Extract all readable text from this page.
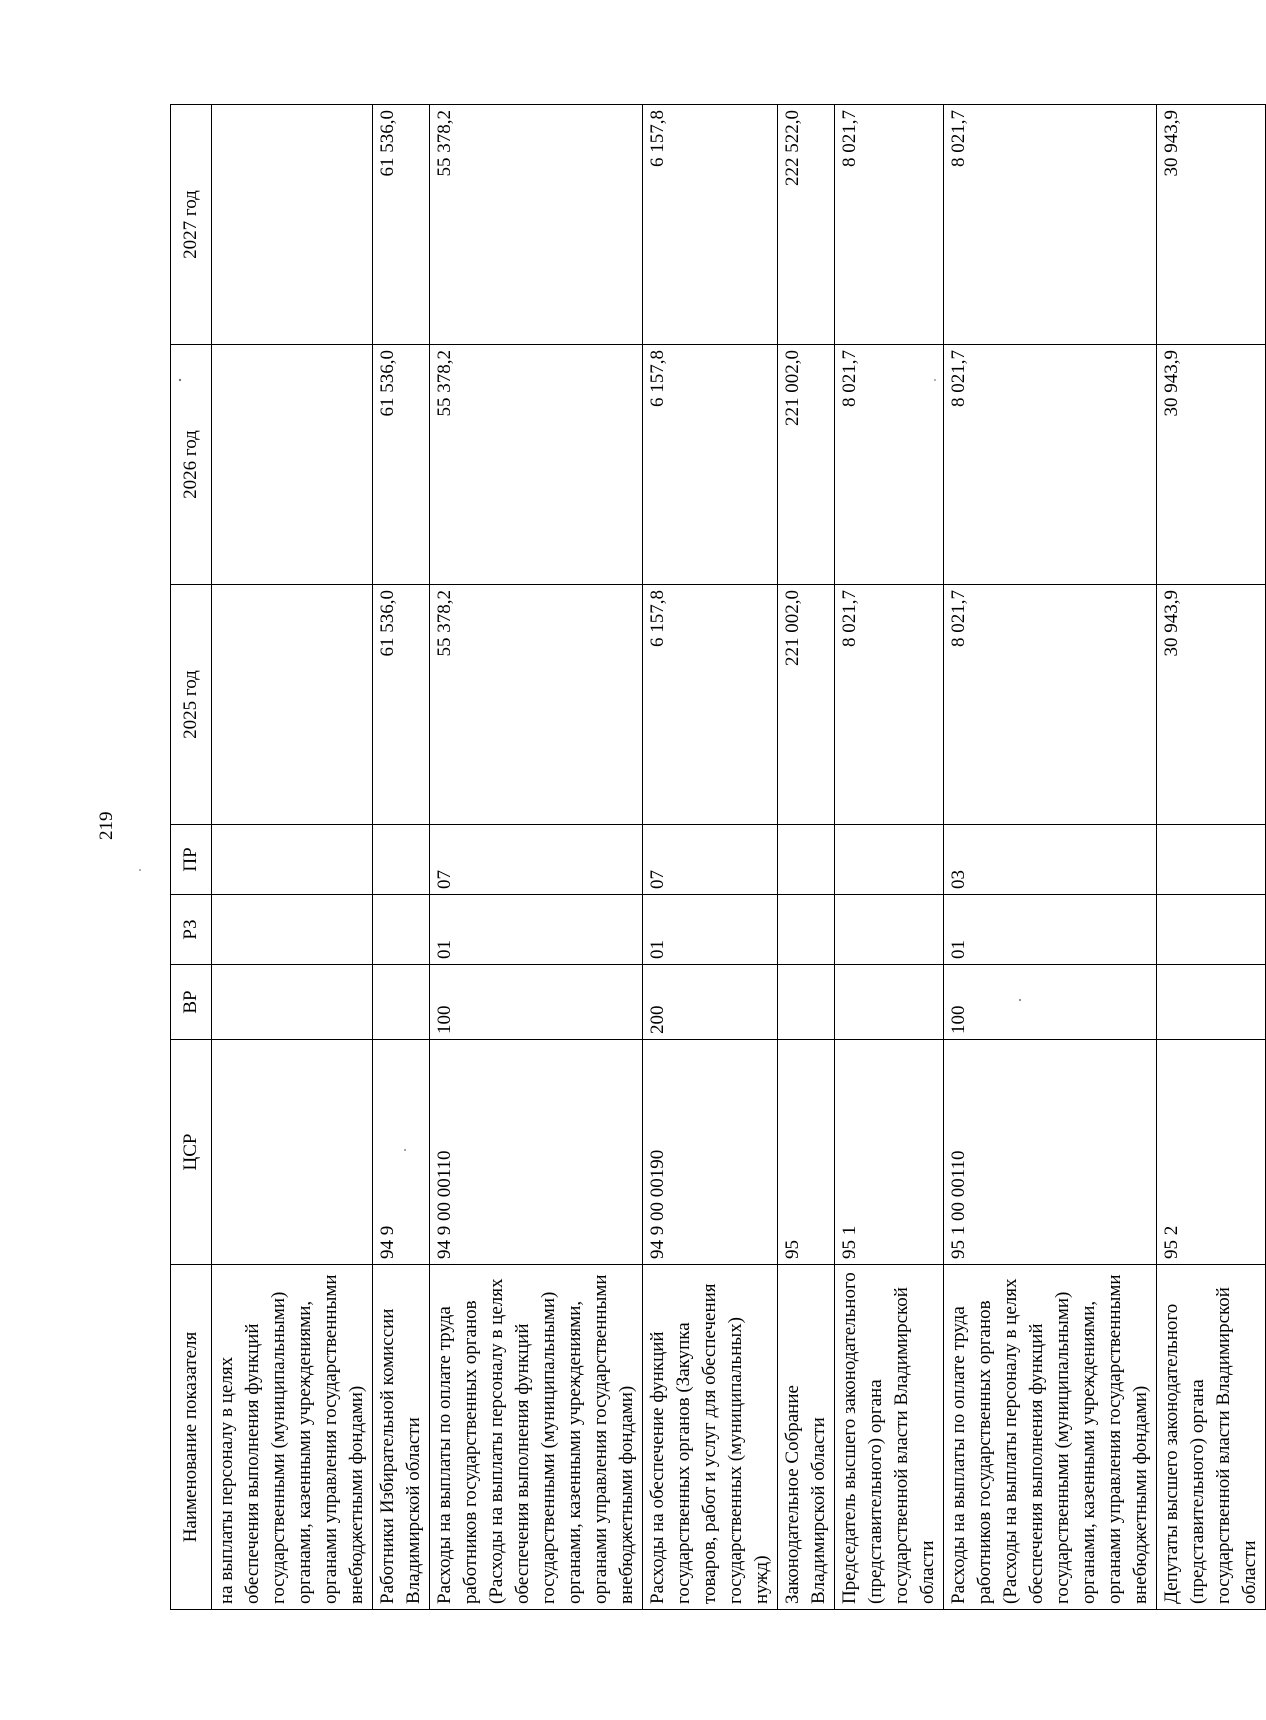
219
Наименование показателя	ЦСР	ВР	РЗ	ПР	2025 год	2026 год	2027 год
на выплаты персоналу в целях обеспечения выполнения функций государственными (муниципальными) органами, казенными учреждениями, органами управления государственными внебюджетными фондами)							
Работники Избирательной комиссии Владимирской области	94 9				61 536,0	61 536,0	61 536,0
Расходы на выплаты по оплате труда работников государственных органов (Расходы на выплаты персоналу в целях обеспечения выполнения функций государственными (муниципальными) органами, казенными учреждениями, органами управления государственными внебюджетными фондами)	94 9 00 00110	100	01	07	55 378,2	55 378,2	55 378,2
Расходы на обеспечение функций государственных органов (Закупка товаров, работ и услуг для обеспечения государственных (муниципальных) нужд)	94 9 00 00190	200	01	07	6 157,8	6 157,8	6 157,8
Законодательное Собрание Владимирской области	95				221 002,0	221 002,0	222 522,0
Председатель высшего законодательного (представительного) органа государственной власти Владимирской области	95 1				8 021,7	8 021,7	8 021,7
Расходы на выплаты по оплате труда работников государственных органов (Расходы на выплаты персоналу в целях обеспечения выполнения функций государственными (муниципальными) органами, казенными учреждениями, органами управления государственными внебюджетными фондами)	95 1 00 00110	100	01	03	8 021,7	8 021,7	8 021,7
Депутаты высшего законодательного (представительного) органа государственной власти Владимирской области	95 2				30 943,9	30 943,9	30 943,9
